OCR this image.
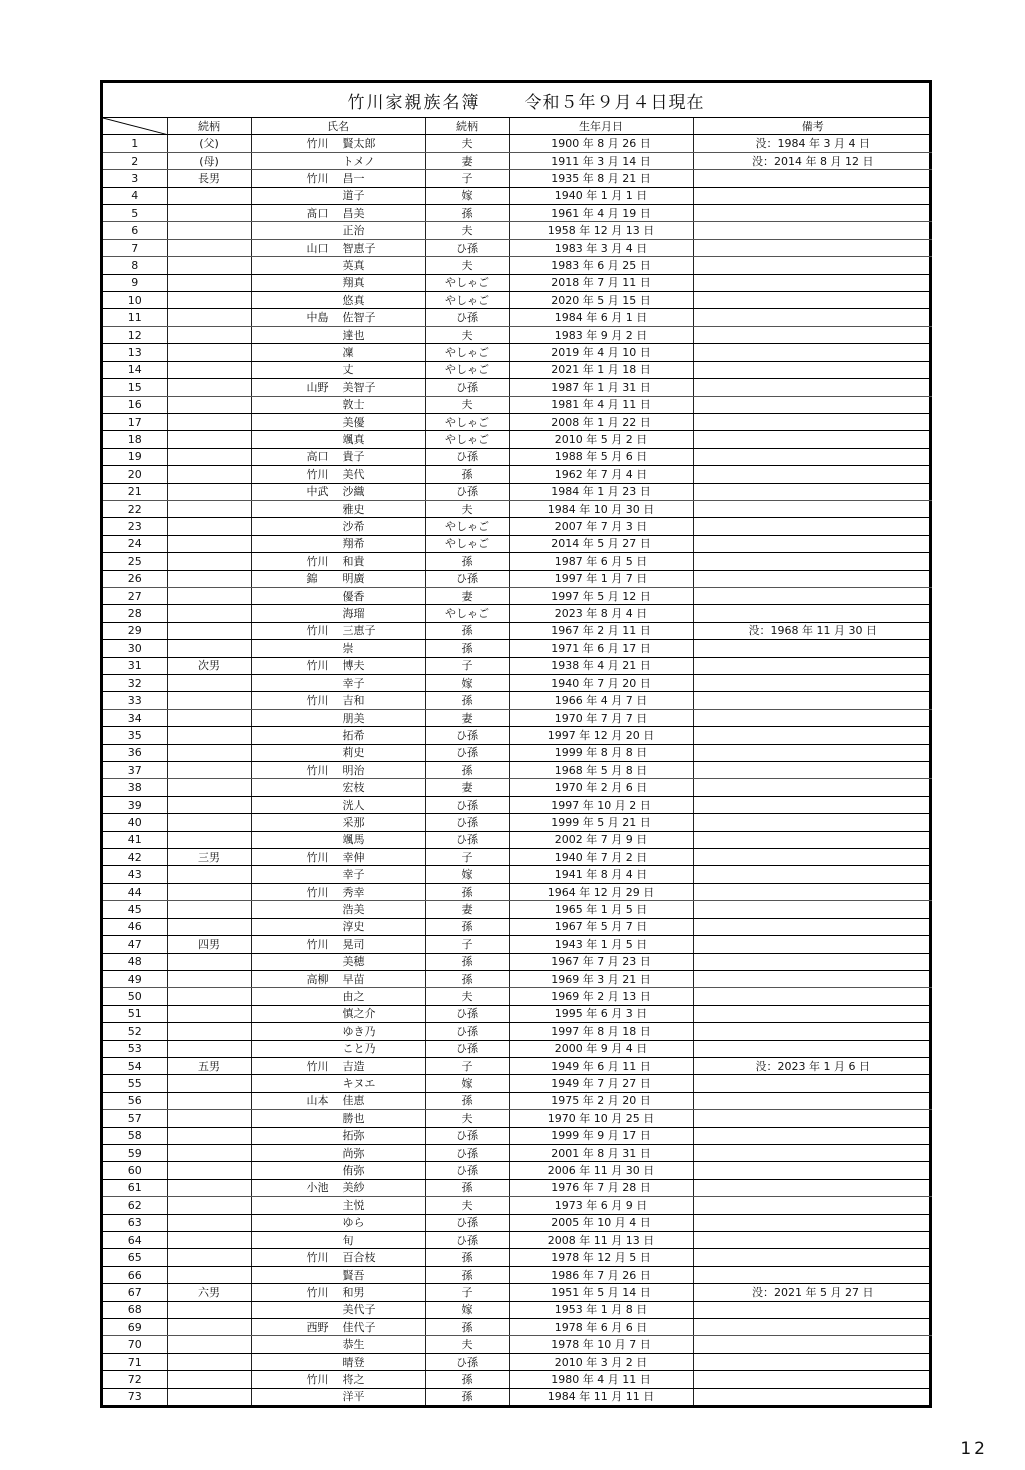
竹川家親族名簿	令和５年９月４日現在
	続柄	氏名	続柄	生年月日	備考
1	(父)	竹川 賢太郎	夫	1900 年 8 月 26 日	没：1984 年 3 月 4 日
2	(母)	トメノ	妻	1911 年 3 月 14 日	没：2014 年 8 月 12 日
3	長男	竹川 昌一	子	1935 年 8 月 21 日	
4		道子	嫁	1940 年 1 月 1 日	
5		髙口 昌美	孫	1961 年 4 月 19 日	
6		正治	夫	1958 年 12 月 13 日	
7		山口 智恵子	ひ孫	1983 年 3 月 4 日	
8		英真	夫	1983 年 6 月 25 日	
9		翔真	やしゃご	2018 年 7 月 11 日	
10		悠真	やしゃご	2020 年 5 月 15 日	
11		中島 佐智子	ひ孫	1984 年 6 月 1 日	
12		達也	夫	1983 年 9 月 2 日	
13		凜	やしゃご	2019 年 4 月 10 日	
14		丈	やしゃご	2021 年 1 月 18 日	
15		山野 美智子	ひ孫	1987 年 1 月 31 日	
16		敦士	夫	1981 年 4 月 11 日	
17		美優	やしゃご	2008 年 1 月 22 日	
18		颯真	やしゃご	2010 年 5 月 2 日	
19		高口 貴子	ひ孫	1988 年 5 月 6 日	
20		竹川 美代	孫	1962 年 7 月 4 日	
21		中武 沙織	ひ孫	1984 年 1 月 23 日	
22		雅史	夫	1984 年 10 月 30 日	
23		沙希	やしゃご	2007 年 7 月 3 日	
24		翔希	やしゃご	2014 年 5 月 27 日	
25		竹川 和貴	孫	1987 年 6 月 5 日	
26		錦 明廣	ひ孫	1997 年 1 月 7 日	
27		優香	妻	1997 年 5 月 12 日	
28		海瑠	やしゃご	2023 年 8 月 4 日	
29		竹川 三恵子	孫	1967 年 2 月 11 日	没：1968 年 11 月 30 日
30		崇	孫	1971 年 6 月 17 日	
31	次男	竹川 博夫	子	1938 年 4 月 21 日	
32		幸子	嫁	1940 年 7 月 20 日	
33		竹川 吉和	孫	1966 年 4 月 7 日	
34		朋美	妻	1970 年 7 月 7 日	
35		拓希	ひ孫	1997 年 12 月 20 日	
36		莉史	ひ孫	1999 年 8 月 8 日	
37		竹川 明治	孫	1968 年 5 月 8 日	
38		宏枝	妻	1970 年 2 月 6 日	
39		洸人	ひ孫	1997 年 10 月 2 日	
40		采那	ひ孫	1999 年 5 月 21 日	
41		颯馬	ひ孫	2002 年 7 月 9 日	
42	三男	竹川 幸伸	子	1940 年 7 月 2 日	
43		幸子	嫁	1941 年 8 月 4 日	
44		竹川 秀幸	孫	1964 年 12 月 29 日	
45		浩美	妻	1965 年 1 月 5 日	
46		淳史	孫	1967 年 5 月 7 日	
47	四男	竹川 晃司	子	1943 年 1 月 5 日	
48		美穂	孫	1967 年 7 月 23 日	
49		高柳 早苗	孫	1969 年 3 月 21 日	
50		由之	夫	1969 年 2 月 13 日	
51		慎之介	ひ孫	1995 年 6 月 3 日	
52		ゆき乃	ひ孫	1997 年 8 月 18 日	
53		こと乃	ひ孫	2000 年 9 月 4 日	
54	五男	竹川 吉造	子	1949 年 6 月 11 日	没：2023 年 1 月 6 日
55		キヌエ	嫁	1949 年 7 月 27 日	
56		山本 佳恵	孫	1975 年 2 月 20 日	
57		勝也	夫	1970 年 10 月 25 日	
58		拓弥	ひ孫	1999 年 9 月 17 日	
59		尚弥	ひ孫	2001 年 8 月 31 日	
60		侑弥	ひ孫	2006 年 11 月 30 日	
61		小池 美紗	孫	1976 年 7 月 28 日	
62		主悦	夫	1973 年 6 月 9 日	
63		ゆら	ひ孫	2005 年 10 月 4 日	
64		旬	ひ孫	2008 年 11 月 13 日	
65		竹川 百合枝	孫	1978 年 12 月 5 日	
66		賢吾	孫	1986 年 7 月 26 日	
67	六男	竹川 和男	子	1951 年 5 月 14 日	没：2021 年 5 月 27 日
68		美代子	嫁	1953 年 1 月 8 日	
69		西野 佳代子	孫	1978 年 6 月 6 日	
70		恭生	夫	1978 年 10 月 7 日	
71		晴登	ひ孫	2010 年 3 月 2 日	
72		竹川 将之	孫	1980 年 4 月 11 日	
73		洋平	孫	1984 年 11 月 11 日	
12
